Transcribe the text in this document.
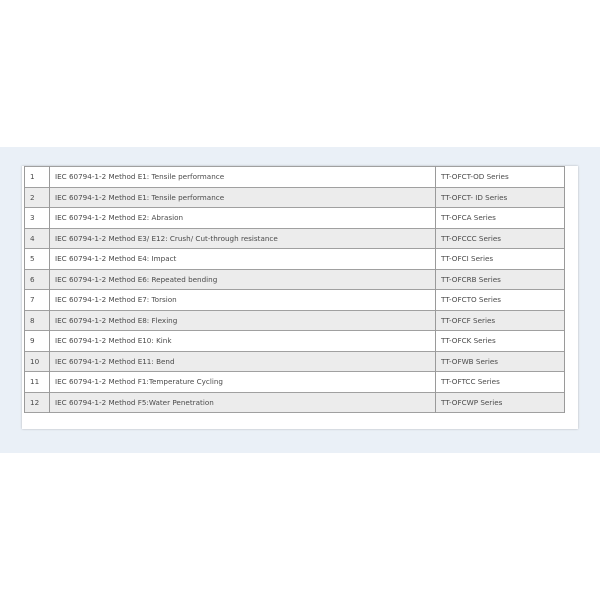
1	IEC 60794-1-2 Method E1: Tensile performance	TT-OFCT-OD Series
2	IEC 60794-1-2 Method E1: Tensile performance	TT-OFCT- ID Series
3	IEC 60794-1-2 Method E2: Abrasion	TT-OFCA Series
4	IEC 60794-1-2 Method E3/ E12: Crush/ Cut-through resistance	TT-OFCCC Series
5	IEC 60794-1-2 Method E4: Impact	TT-OFCI Series
6	IEC 60794-1-2 Method E6: Repeated bending	TT-OFCRB Series
7	IEC 60794-1-2 Method E7: Torsion	TT-OFCTO Series
8	IEC 60794-1-2 Method E8: Flexing	TT-OFCF Series
9	IEC 60794-1-2 Method E10: Kink	TT-OFCK Series
10	IEC 60794-1-2 Method E11: Bend	TT-OFWB Series
11	IEC 60794-1-2 Method F1:Temperature Cycling	TT-OFTCC Series
12	IEC 60794-1-2 Method F5:Water Penetration	TT-OFCWP Series
